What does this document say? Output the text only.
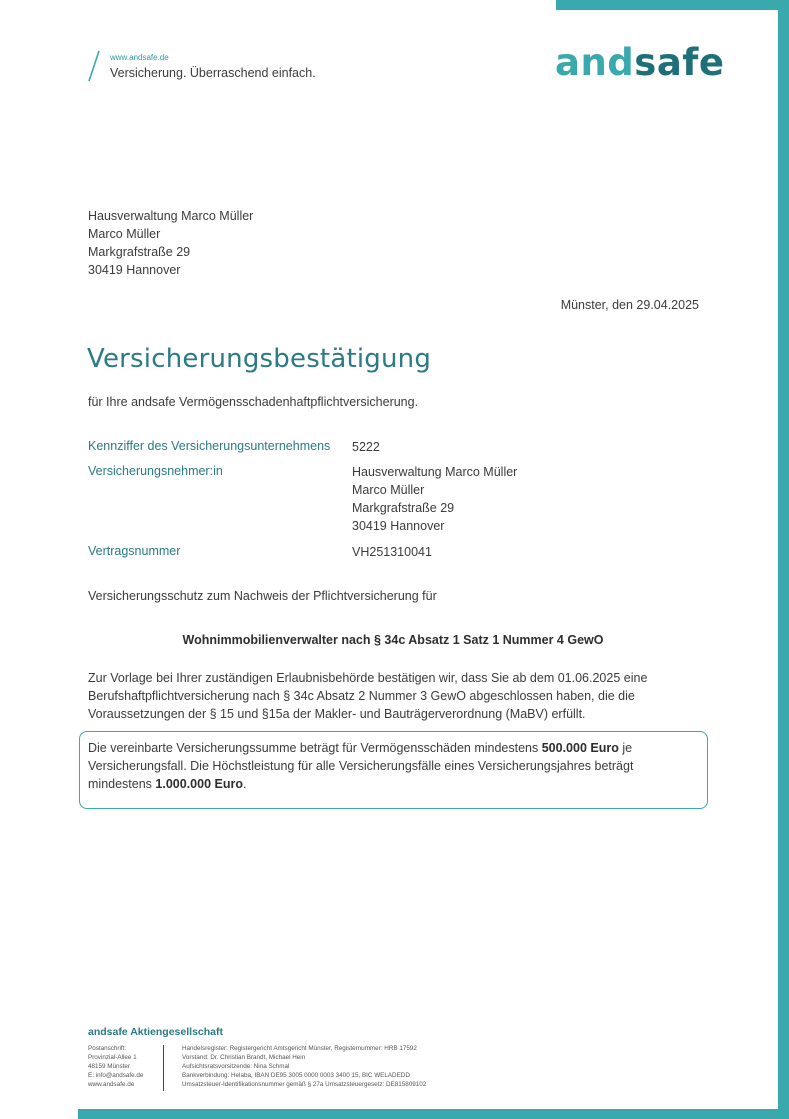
www.andsafe.de
Versicherung. Überraschend einfach.	andsafe
Hausverwaltung Marco Müller
Marco Müller
Markgrafstraße 29
30419 Hannover
Münster, den 29.04.2025
Versicherungsbestätigung
für Ihre andsafe Vermögensschadenhaftpflichtversicherung.
Kennziffer des Versicherungsunternehmens 5222
Versicherungsnehmer:in	Hausverwaltung Marco Müller
Marco Müller
Markgrafstraße 29
30419 Hannover
Vertragsnummer	VH251310041
Versicherungsschutz zum Nachweis der Pflichtversicherung für
Wohnimmobilienverwalter nach § 34c Absatz 1 Satz 1 Nummer 4 GewO
Zur Vorlage bei Ihrer zuständigen Erlaubnisbehörde bestätigen wir, dass Sie ab dem 01.06.2025 eine Berufshaftpflichtversicherung nach § 34c Absatz 2 Nummer 3 GewO abgeschlossen haben, die die Voraussetzungen der § 15 und §15a der Makler- und Bauträgerverordnung (MaBV) erfüllt.
Die vereinbarte Versicherungssumme beträgt für Vermögensschäden mindestens 500.000 Euro je Versicherungsfall. Die Höchstleistung für alle Versicherungsfälle eines Versicherungsjahres beträgt mindestens 1.000.000 Euro.
andsafe Aktiengesellschaft
Postanschrift:
Provinzial-Allee 1
48159 Münster
E: info@andsafe.de
www.andsafe.de
Handelsregister: Registergericht Amtsgericht Münster, Registernummer: HRB 17592
Vorstand: Dr. Christian Brandt, Michael Hein
Aufsichtsratsvorsitzende: Nina Schmal
Bankverbindung: Helaba, IBAN DE95 3005 0000 0003 3400 15, BIC WELADEDD
Umsatzsteuer-Identifikationsnummer gemäß § 27a Umsatzsteuergesetz: DE815809102
